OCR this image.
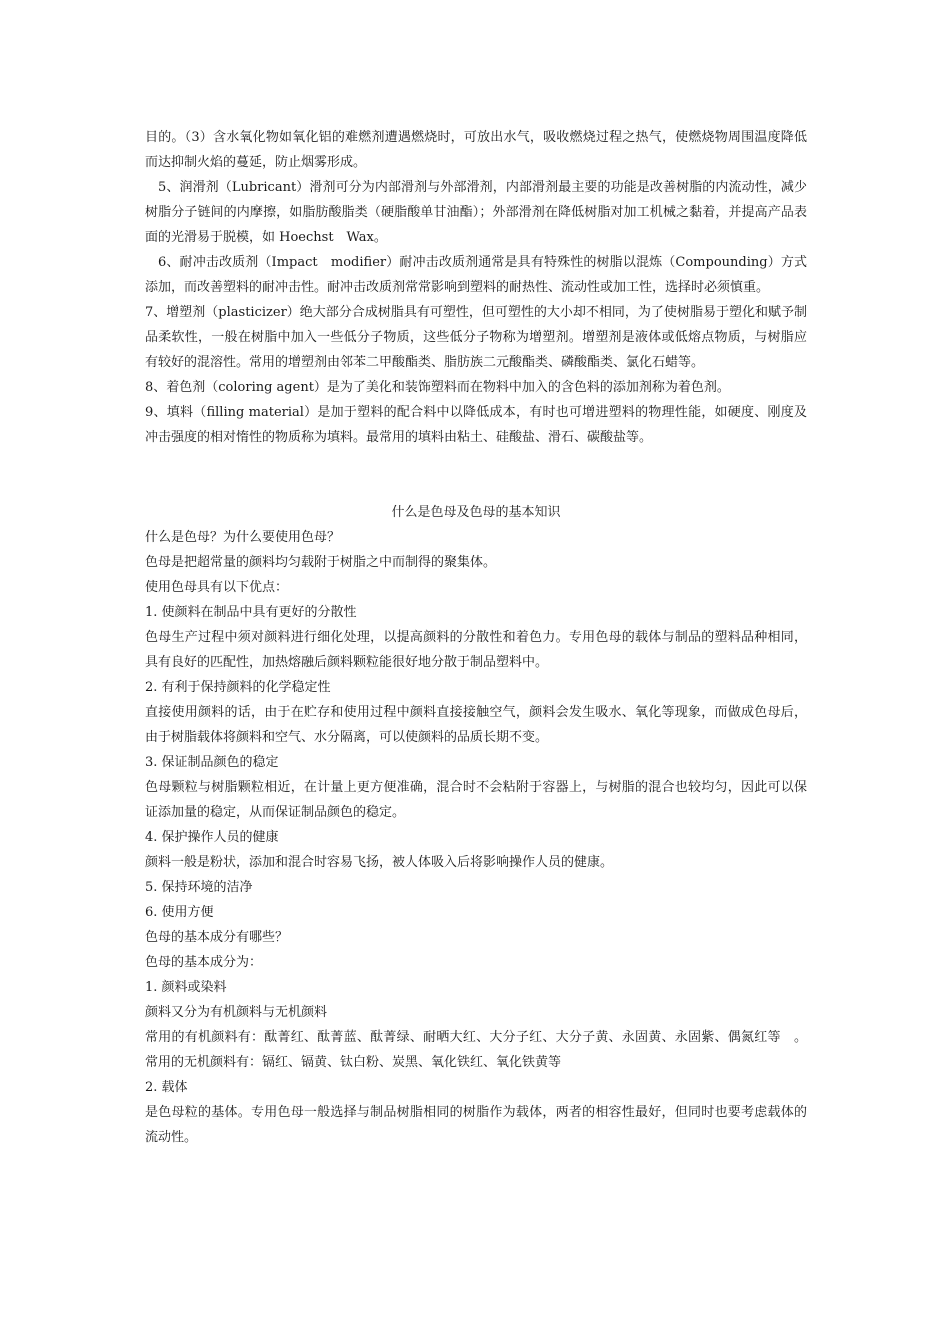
目的。（3）含水氧化物如氧化铝的难燃剂遭遇燃烧时，可放出水气，吸收燃烧过程之热气，使燃烧物周围温度降低而达抑制火焰的蔓延，防止烟雾形成。

5、润滑剂（Lubricant）滑剂可分为内部滑剂与外部滑剂，内部滑剂最主要的功能是改善树脂的内流动性，减少树脂分子链间的内摩擦，如脂肪酸脂类（硬脂酸单甘油酯）；外部滑剂在降低树脂对加工机械之黏着，并提高产品表面的光滑易于脱模，如 Hoechst　Wax。

6、耐冲击改质剂（Impact　modifier）耐冲击改质剂通常是具有特殊性的树脂以混炼（Compounding）方式添加，而改善塑料的耐冲击性。耐冲击改质剂常常影响到塑料的耐热性、流动性或加工性，选择时必须慎重。

7、增塑剂（plasticizer）绝大部分合成树脂具有可塑性，但可塑性的大小却不相同，为了使树脂易于塑化和赋予制品柔软性，一般在树脂中加入一些低分子物质，这些低分子物称为增塑剂。增塑剂是液体或低熔点物质，与树脂应有较好的混溶性。常用的增塑剂由邻苯二甲酸酯类、脂肪族二元酸酯类、磷酸酯类、氯化石蜡等。

8、着色剂（coloring agent）是为了美化和装饰塑料而在物料中加入的含色料的添加剂称为着色剂。

9、填料（filling material）是加于塑料的配合料中以降低成本，有时也可增进塑料的物理性能，如硬度、刚度及冲击强度的相对惰性的物质称为填料。最常用的填料由粘土、硅酸盐、滑石、碳酸盐等。

什么是色母及色母的基本知识

什么是色母？为什么要使用色母？

色母是把超常量的颜料均匀载附于树脂之中而制得的聚集体。

使用色母具有以下优点：

1. 使颜料在制品中具有更好的分散性

色母生产过程中须对颜料进行细化处理，以提高颜料的分散性和着色力。专用色母的载体与制品的塑料品种相同，具有良好的匹配性，加热熔融后颜料颗粒能很好地分散于制品塑料中。

2. 有利于保持颜料的化学稳定性

直接使用颜料的话，由于在贮存和使用过程中颜料直接接触空气，颜料会发生吸水、氧化等现象，而做成色母后，由于树脂载体将颜料和空气、水分隔离，可以使颜料的品质长期不变。

3. 保证制品颜色的稳定

色母颗粒与树脂颗粒相近，在计量上更方便准确，混合时不会粘附于容器上，与树脂的混合也较均匀，因此可以保证添加量的稳定，从而保证制品颜色的稳定。

4. 保护操作人员的健康

颜料一般是粉状，添加和混合时容易飞扬，被人体吸入后将影响操作人员的健康。

5. 保持环境的洁净

6. 使用方便

色母的基本成分有哪些？

色母的基本成分为：

1. 颜料或染料

颜料又分为有机颜料与无机颜料

常用的有机颜料有：酞菁红、酞菁蓝、酞菁绿、耐晒大红、大分子红、大分子黄、永固黄、永固紫、偶氮红等　。常用的无机颜料有：镉红、镉黄、钛白粉、炭黑、氧化铁红、氧化铁黄等

2. 载体

是色母粒的基体。专用色母一般选择与制品树脂相同的树脂作为载体，两者的相容性最好，但同时也要考虑载体的流动性。
